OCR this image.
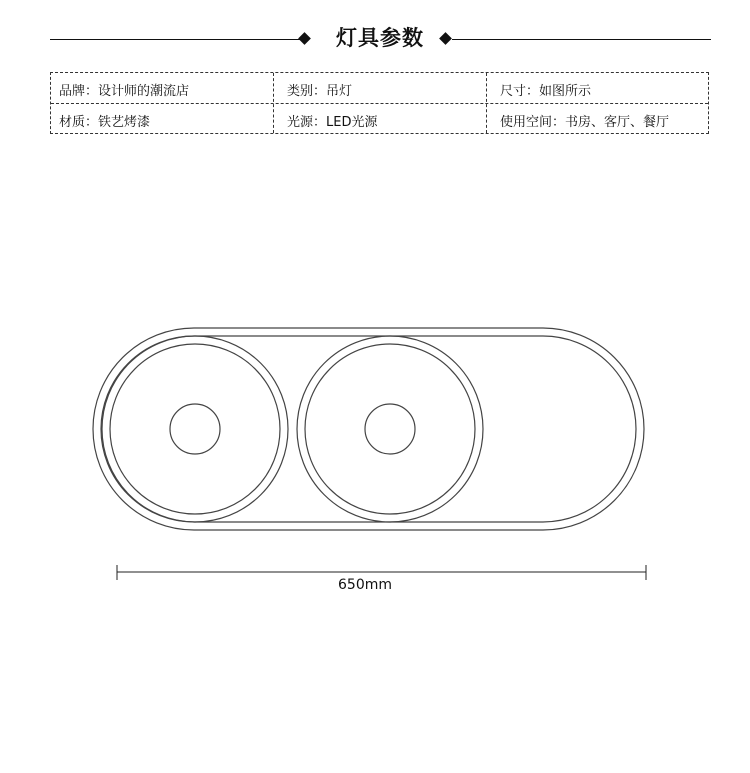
灯具参数
品牌：设计师的潮流店	类别：吊灯	尺寸：如图所示
材质：铁艺烤漆	光源：LED光源	使用空间：书房、客厅、餐厅
650mm
